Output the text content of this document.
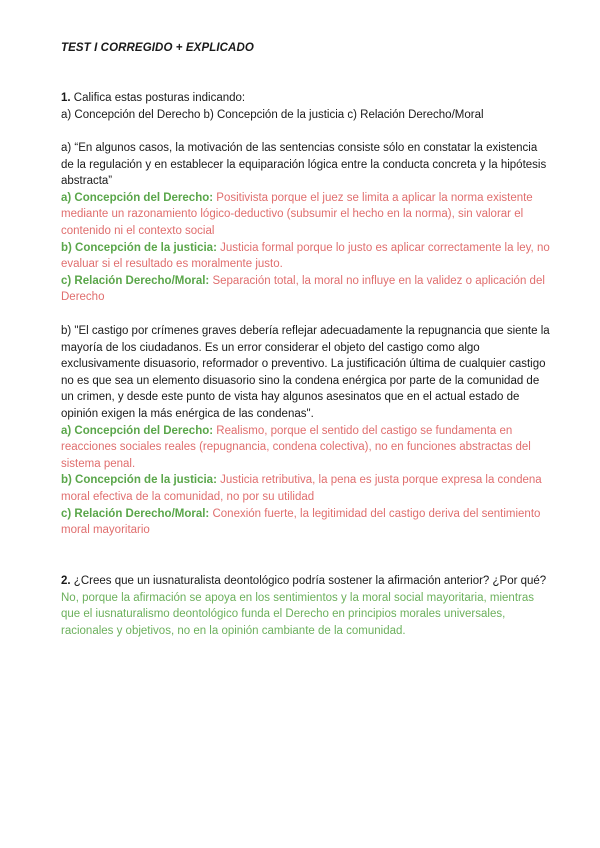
TEST I CORREGIDO + EXPLICADO

1. Califica estas posturas indicando:

a) Concepción del Derecho b) Concepción de la justicia c) Relación Derecho/Moral

a) “En algunos casos, la motivación de las sentencias consiste sólo en constatar la existencia de la regulación y en establecer la equiparación lógica entre la conducta concreta y la hipótesis abstracta”

a) Concepción del Derecho: Positivista porque el juez se limita a aplicar la norma existente mediante un razonamiento lógico-deductivo (subsumir el hecho en la norma), sin valorar el contenido ni el contexto social

b) Concepción de la justicia: Justicia formal porque lo justo es aplicar correctamente la ley, no evaluar si el resultado es moralmente justo.

c) Relación Derecho/Moral: Separación total, la moral no influye en la validez o aplicación del Derecho

b) "El castigo por crímenes graves debería reflejar adecuadamente la repugnancia que siente la mayoría de los ciudadanos. Es un error considerar el objeto del castigo como algo exclusivamente disuasorio, reformador o preventivo. La justificación última de cualquier castigo no es que sea un elemento disuasorio sino la condena enérgica por parte de la comunidad de un crimen, y desde este punto de vista hay algunos asesinatos que en el actual estado de opinión exigen la más enérgica de las condenas".

a) Concepción del Derecho: Realismo, porque el sentido del castigo se fundamenta en reacciones sociales reales (repugnancia, condena colectiva), no en funciones abstractas del sistema penal.

b) Concepción de la justicia: Justicia retributiva, la pena es justa porque expresa la condena moral efectiva de la comunidad, no por su utilidad

c) Relación Derecho/Moral: Conexión fuerte, la legitimidad del castigo deriva del sentimiento moral mayoritario

2. ¿Crees que un iusnaturalista deontológico podría sostener la afirmación anterior? ¿Por qué?

No, porque la afirmación se apoya en los sentimientos y la moral social mayoritaria, mientras que el iusnaturalismo deontológico funda el Derecho en principios morales universales, racionales y objetivos, no en la opinión cambiante de la comunidad.
